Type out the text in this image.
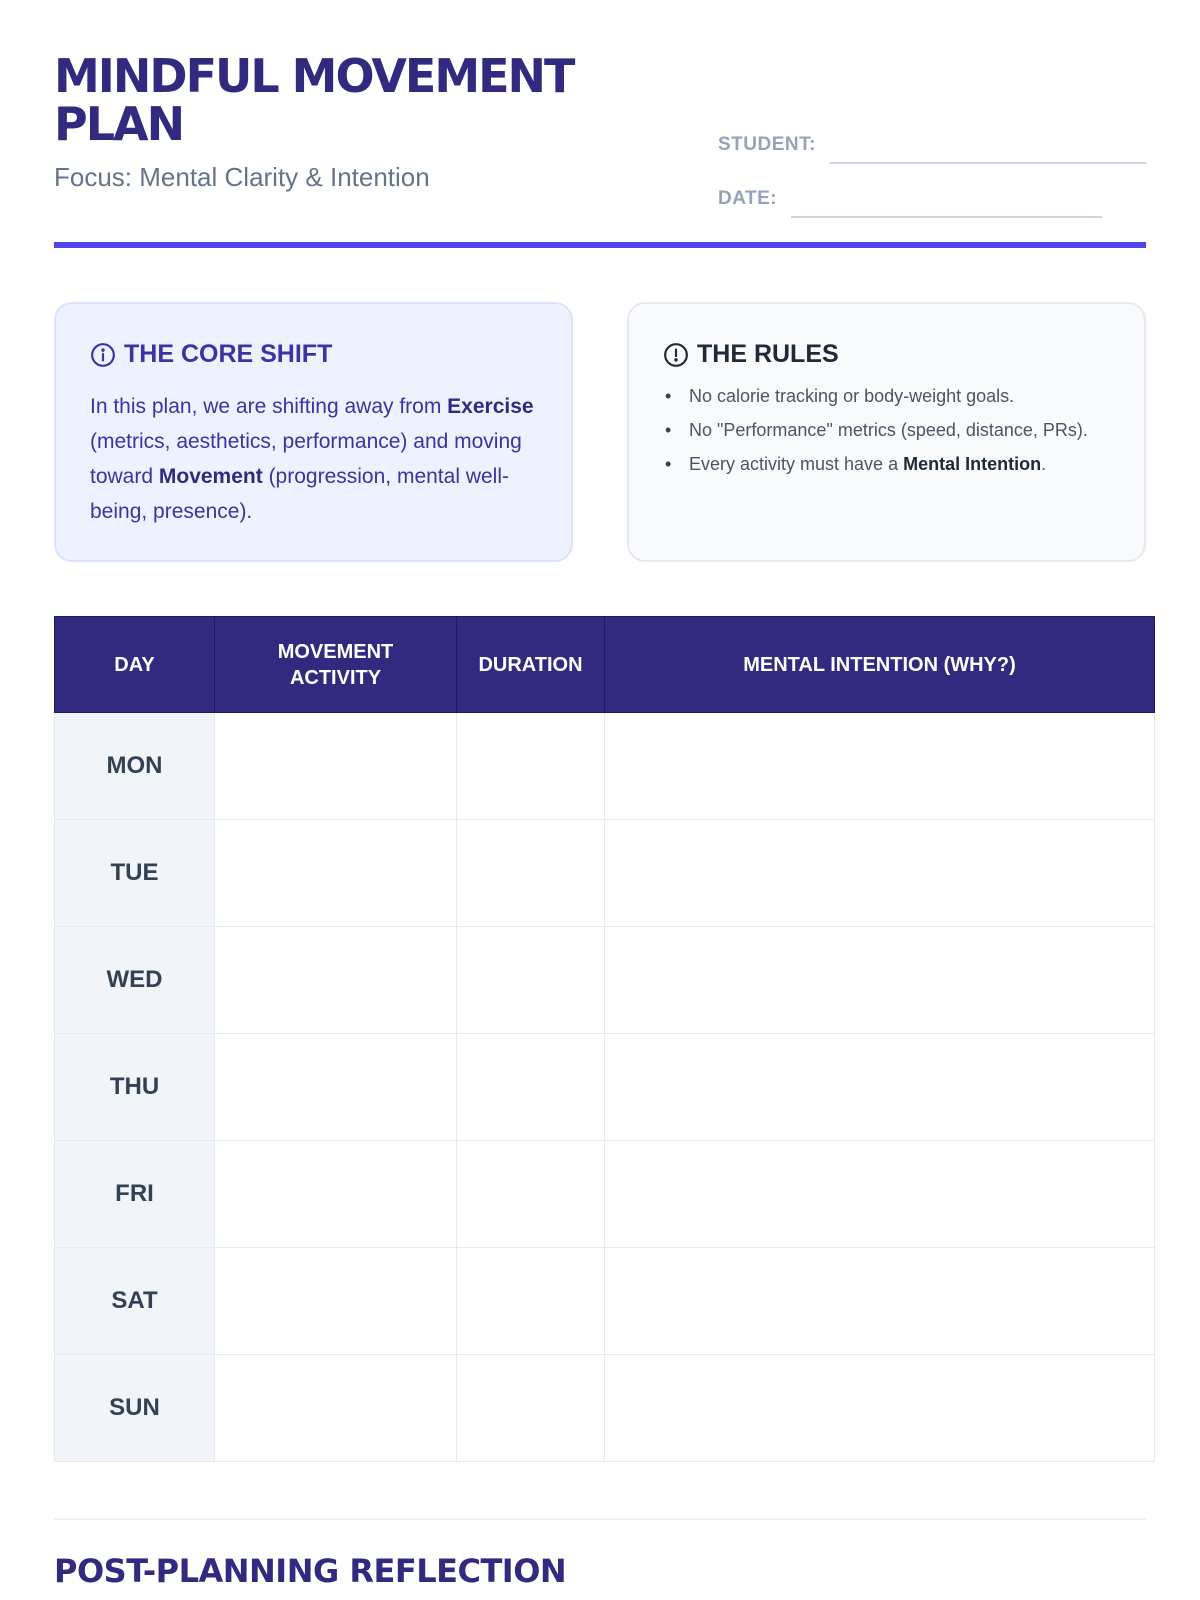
MINDFUL MOVEMENT PLAN
Focus: Mental Clarity & Intention
STUDENT:
DATE:
THE CORE SHIFT

In this plan, we are shifting away from Exercise (metrics, aesthetics, performance) and moving toward Movement (progression, mental well-being, presence).

THE RULES
• No calorie tracking or body-weight goals.
• No "Performance" metrics (speed, distance, PRs).
• Every activity must have a Mental Intention.
DAY	MOVEMENT ACTIVITY	DURATION	MENTAL INTENTION (WHY?)
MON			
TUE			
WED			
THU			
FRI			
SAT			
SUN			
POST-PLANNING REFLECTION
